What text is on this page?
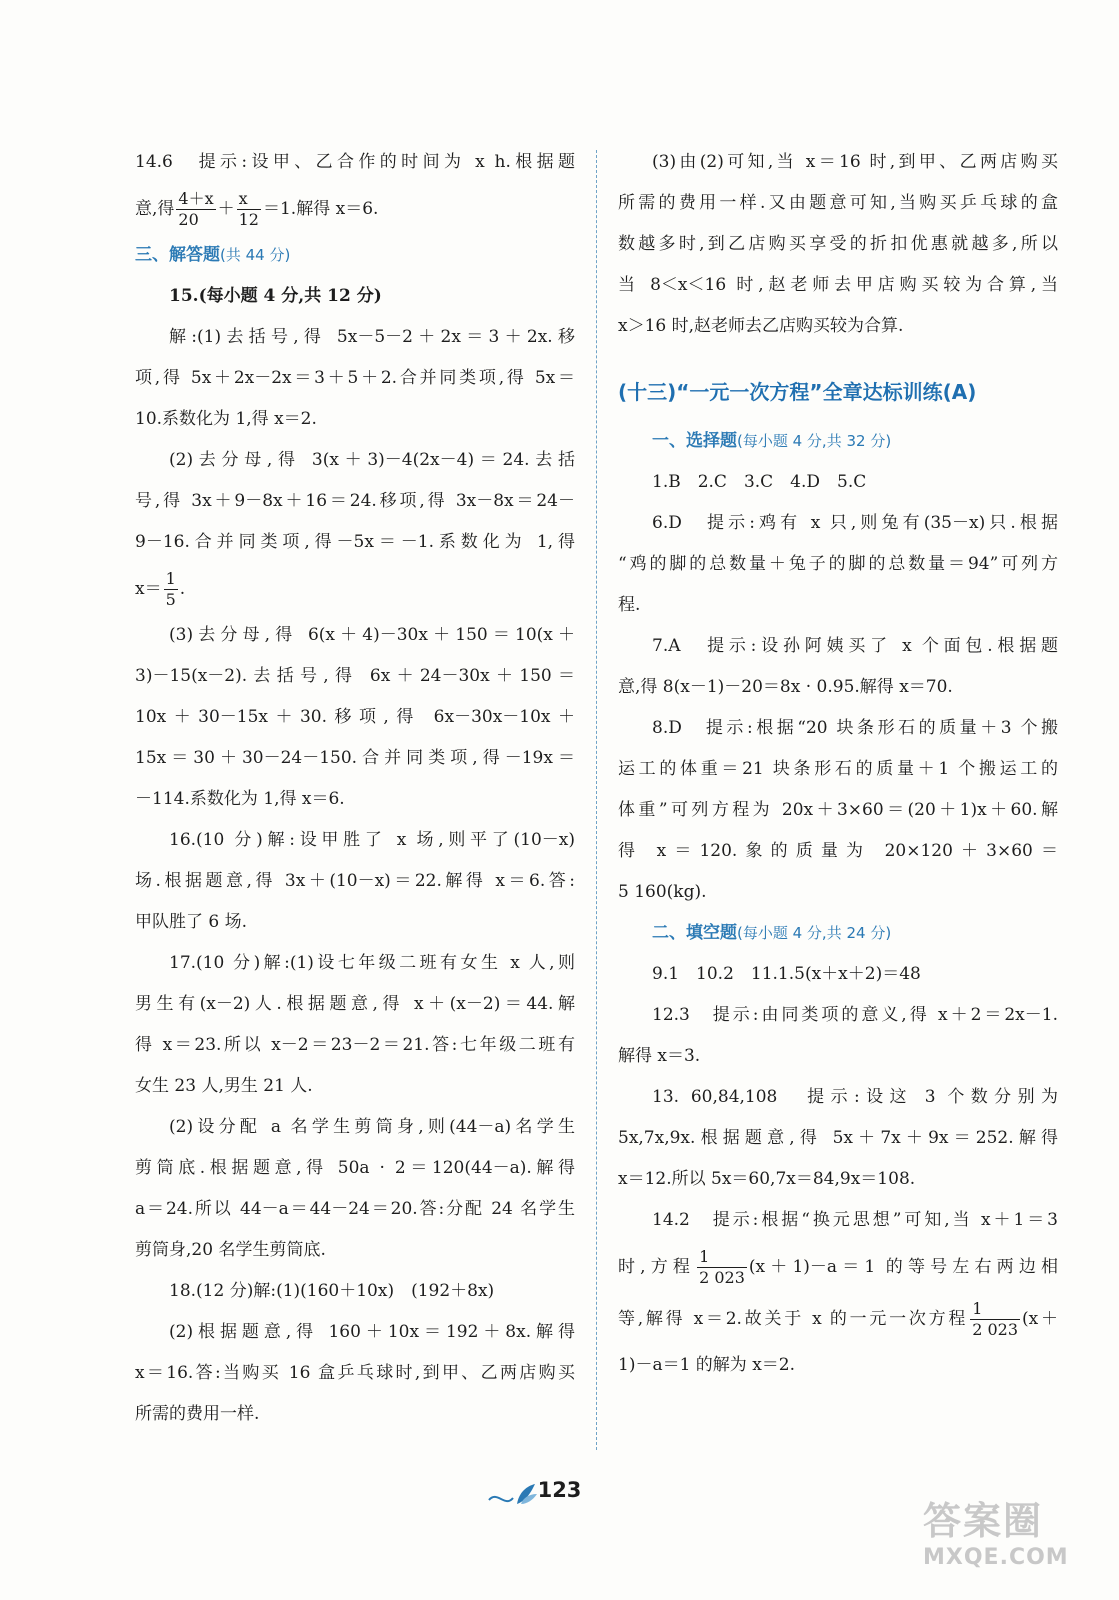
14.6　提示:设甲、乙合作的时间为 x h.根据题
意,得 $\frac{4+x}{20} + \frac{x}{12} =1$.解得 x＝6.
三、解答题(共 44 分)
15.(每小题 4 分,共 12 分)
解:(1)去括号,得 5x－5－2＋2x＝3＋2x.移
项,得 5x＋2x－2x＝3＋5＋2.合并同类项,得 5x＝
10.系数化为 1,得 x＝2.
(2)去分母,得 3(x＋3)－4(2x－4)＝24.去括
号,得 3x＋9－8x＋16＝24.移项,得 3x－8x＝24－
9－16.合并同类项,得－5x＝－1.系数化为 1,得
$x= \frac{1}{5}$ .
(3)去分母,得 6(x＋4)－30x＋150＝10(x＋
3)－15(x－2).去括号,得 6x＋24－30x＋150＝
10x＋30－15x＋30.移项,得 6x－30x－10x＋
15x＝30＋30－24－150.合并同类项,得－19x＝
－114.系数化为 1,得 x＝6.
16.(10 分)解:设甲胜了 x 场,则平了(10－x)
场.根据题意,得 3x＋(10－x)＝22.解得 x＝6.答:
甲队胜了 6 场.
17.(10 分)解:(1)设七年级二班有女生 x 人,则
男生有(x－2)人.根据题意,得 x＋(x－2)＝44.解
得 x＝23.所以 x－2＝23－2＝21.答:七年级二班有
女生 23 人,男生 21 人.
(2)设分配 a 名学生剪筒身,则(44－a)名学生
剪筒底.根据题意,得 50a · 2＝120(44－a).解得
a＝24.所以 44－a＝44－24＝20.答:分配 24 名学生
剪筒身,20 名学生剪筒底.
18.(12 分)解:(1)(160＋10x)　(192＋8x)
(2)根据题意,得 160＋10x＝192＋8x.解得
x＝16.答:当购买 16 盒乒乓球时,到甲、乙两店购买
所需的费用一样.
(3)由(2)可知,当 x＝16 时,到甲、乙两店购买
所需的费用一样.又由题意可知,当购买乒乓球的盒
数越多时,到乙店购买享受的折扣优惠就越多,所以
当 8＜x＜16 时,赵老师去甲店购买较为合算,当
x＞16 时,赵老师去乙店购买较为合算.
(十三)“一元一次方程”全章达标训练(A)
一、选择题(每小题 4 分,共 32 分)
1.B　2.C　3.C　4.D　5.C
6.D　提示:鸡有 x 只,则兔有(35－x)只.根据
“鸡的脚的总数量＋兔子的脚的总数量＝94”可列方
程.
7.A　提示:设孙阿姨买了 x 个面包.根据题
意,得 8(x－1)－20＝8x · 0.95.解得 x＝70.
8.D　提示:根据“20 块条形石的质量＋3 个搬
运工的体重＝21 块条形石的质量＋1 个搬运工的
体重”可列方程为 20x＋3×60＝(20＋1)x＋60.解
得 x＝120.象的质量为 20×120＋3×60＝
5 160(kg).
二、填空题(每小题 4 分,共 24 分)
9.1　10.2　11.1.5(x＋x＋2)＝48
12.3　提示:由同类项的意义,得 x＋2＝2x－1.
解得 x＝3.
13. 60,84,108　提示:设这 3 个数分别为
5x,7x,9x.根据题意,得 5x＋7x＋9x＝252.解得
x＝12.所以 5x＝60,7x＝84,9x＝108.
14.2　提示:根据“换元思想”可知,当 x＋1＝3
时,方程 $\frac{1}{2 023} (x+1)-a=1$ 的等号左右两边相
等,解得 x＝2.故关于 x 的一元一次方程 $\frac{1}{2 023} (x+$
1)－a＝1 的解为 x＝2.
123
答案圈
MXQE.COM
